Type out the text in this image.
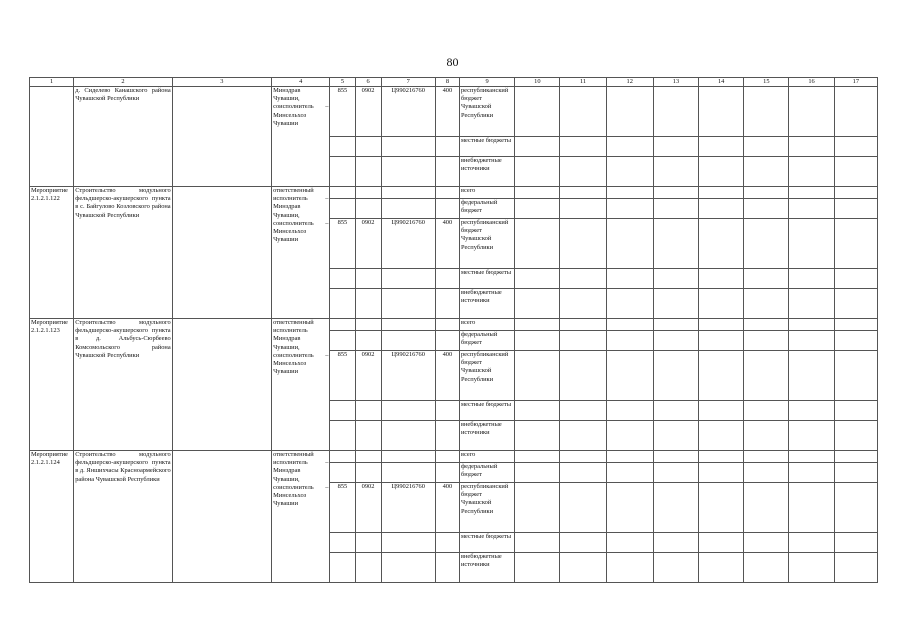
80
1	2	3	4	5	6	7	8	9	10	11	12	13	14	15	16	17
	д. Сиделево Канашского района Чувашской Республики		Минздрав Чувашии, соисполнитель – Минсельхоз Чувашии	855	0902	Ц990216760	400	республиканский бюджет Чувашской Республики								
								местные бюджеты								
								внебюджетные источники								
Мероприятие 2.1.2.1.122	Строительство модульного фельдшерско-акушерского пункта в с. Байгулово Козловского района Чувашской Республики		ответственный исполнитель – Минздрав Чувашии, соисполнитель – Минсельхоз Чувашии					всего								
								федеральный бюджет								
				855	0902	Ц990216760	400	республиканский бюджет Чувашской Республики								
								местные бюджеты								
								внебюджетные источники								
Мероприятие 2.1.2.1.123	Строительство модульного фельдшерско-акушерского пункта в д. Альбусь-Сюрбеево Комсомольского района Чувашской Республики		ответственный исполнитель Минздрав Чувашии, соисполнитель – Минсельхоз Чувашии					всего								
								федеральный бюджет								
				855	0902	Ц990216760	400	республиканский бюджет Чувашской Республики								
								местные бюджеты								
								внебюджетные источники								
Мероприятие 2.1.2.1.124	Строительство модульного фельдшерско-акушерского пункта в д. Яншихчасы Красноармейского района Чувашской Республики		ответственный исполнитель – Минздрав Чувашии, соисполнитель – Минсельхоз Чувашии					всего								
								федеральный бюджет								
				855	0902	Ц990216760	400	республиканский бюджет Чувашской Республики								
								местные бюджеты								
								внебюджетные источники								
